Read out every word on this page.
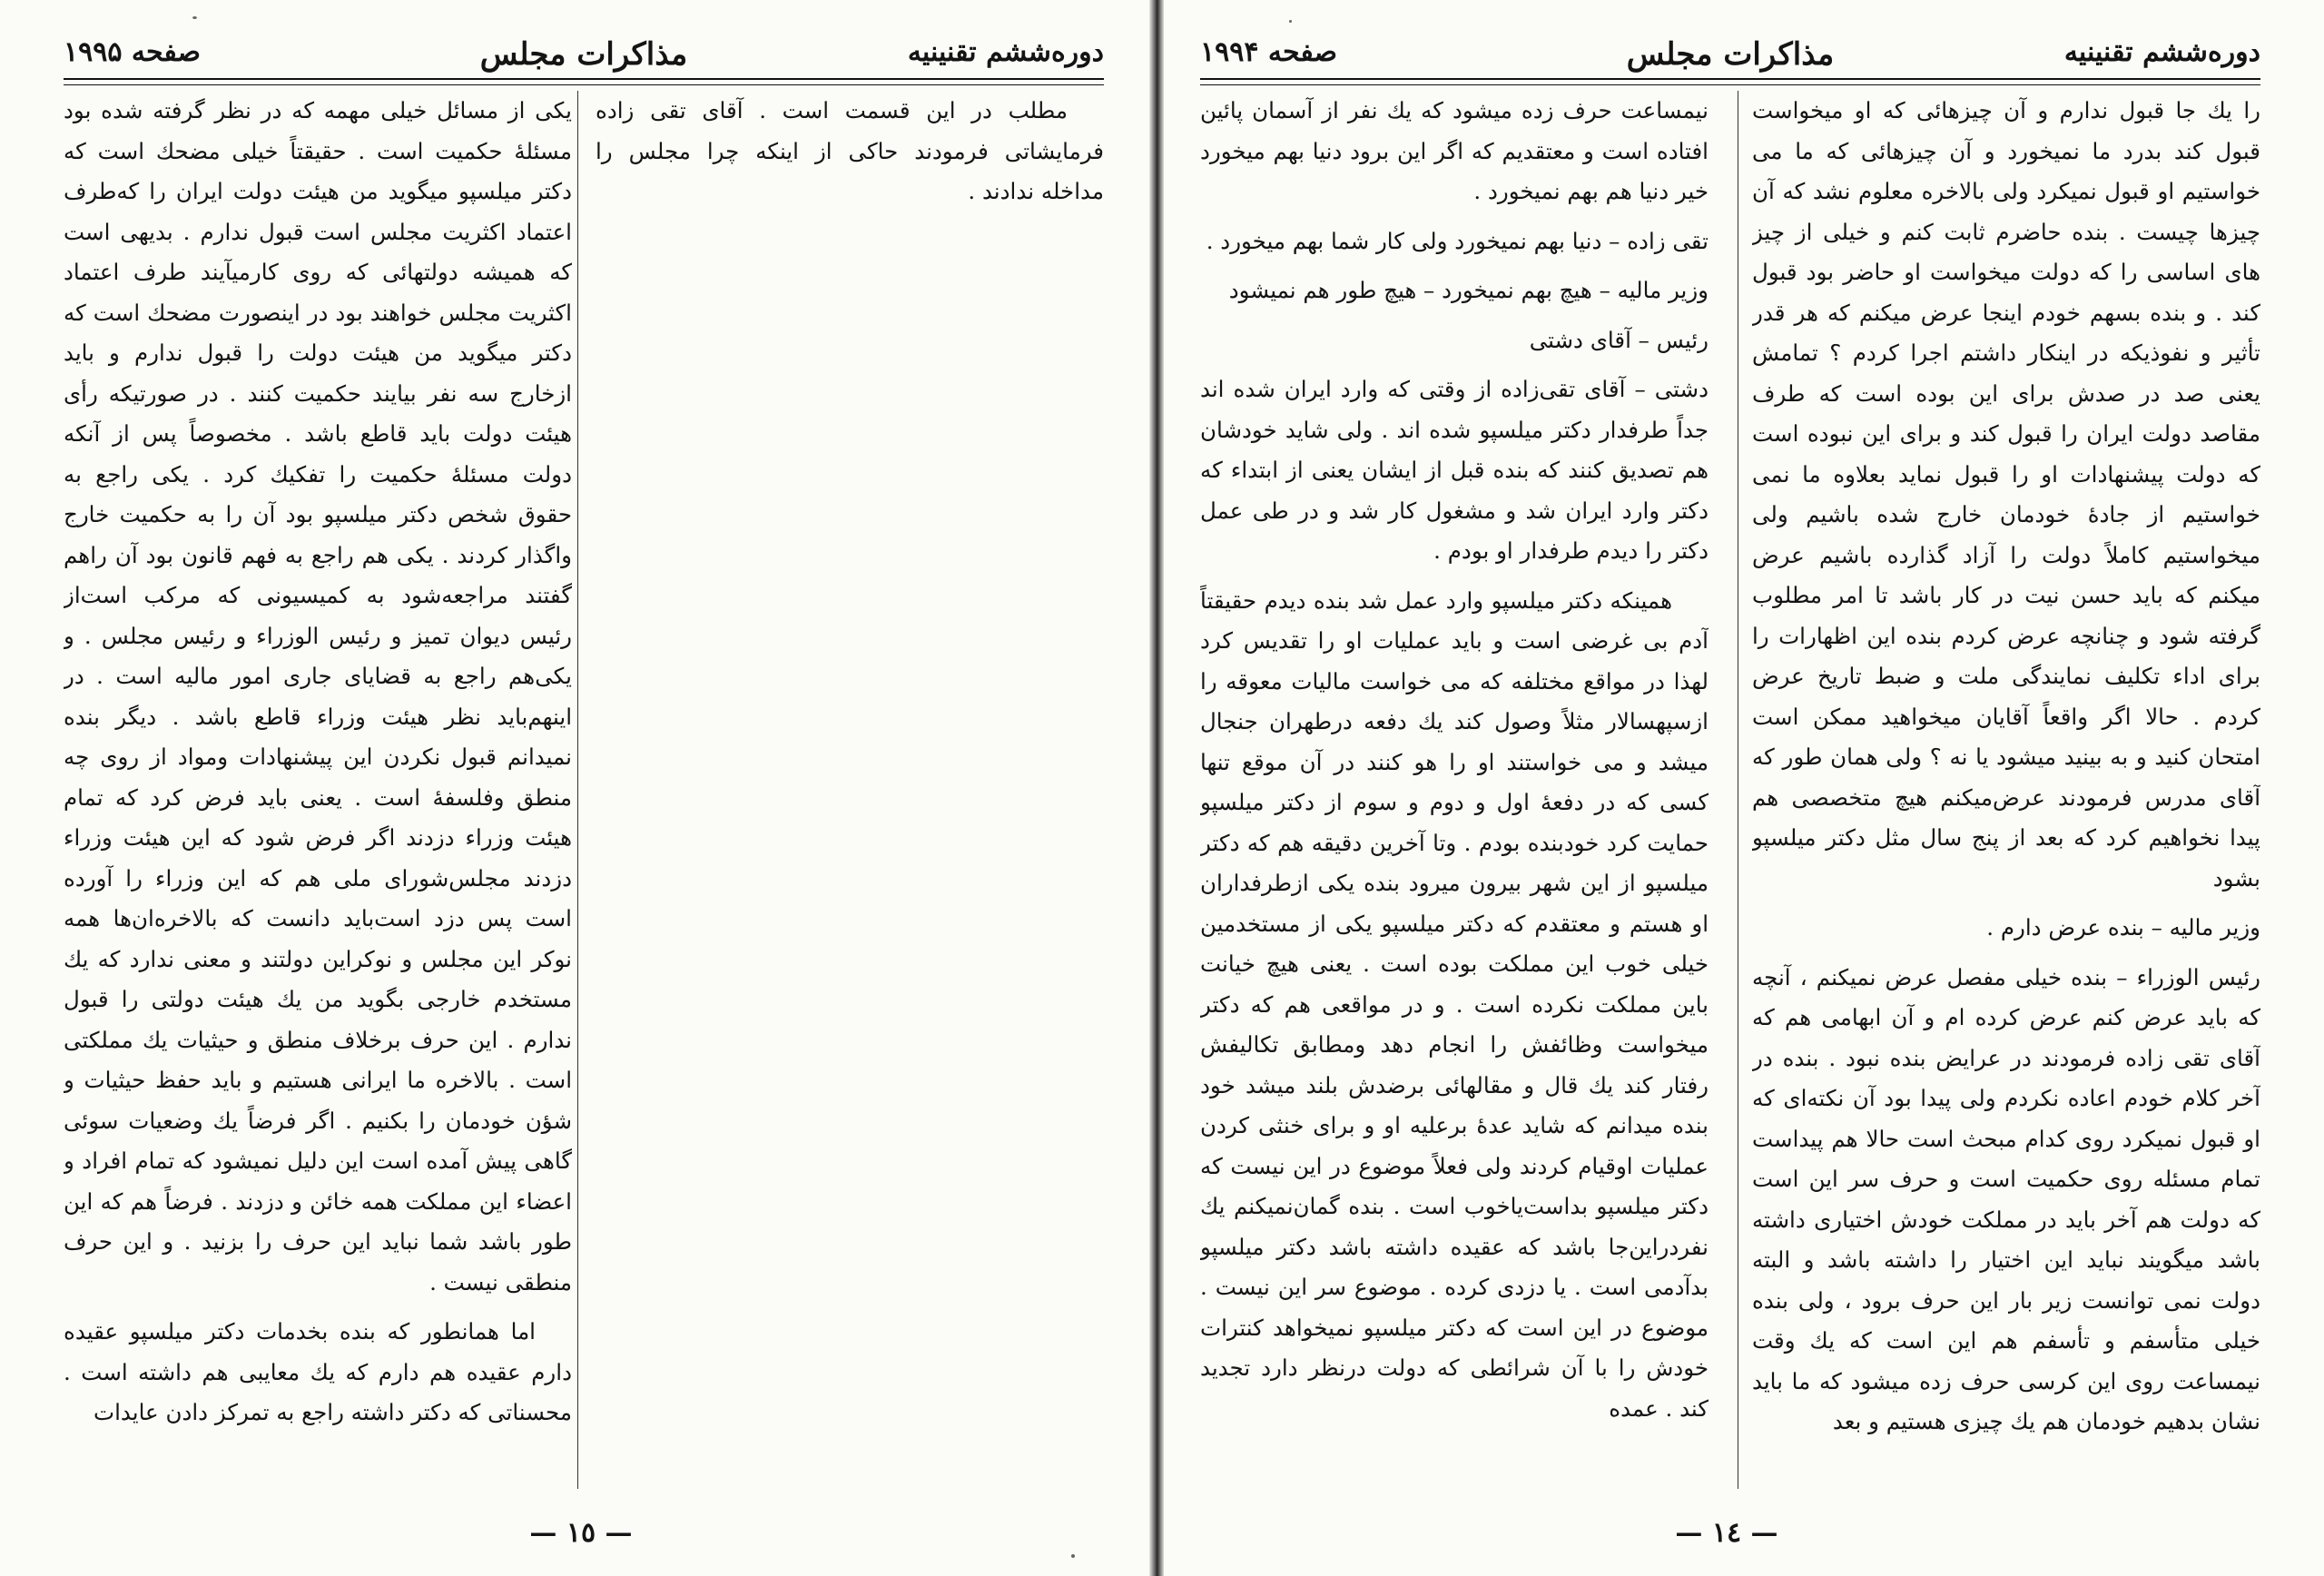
دوره‌ششم تقنینیه
مذاکرات مجلس
صفحه ۱۹۹۵

مطلب در این قسمت است . آقای تقی زاده فرمایشاتی فرمودند حاکی از اینکه چرا مجلس را مداخله ندادند .

یکی از مسائل خیلی مهمه که در نظر گرفته شده بود مسئلهٔ حکمیت است . حقیقتاً خیلی مضحك است که دکتر میلسپو میگوید من هیئت دولت ایران را که‌طرف اعتماد اکثریت مجلس است قبول ندارم . بدیهی است که همیشه دولتهائی که روی کارمیآیند طرف اعتماد اکثریت مجلس خواهند بود در اینصورت مضحك است که دکتر میگوید من هیئت دولت را قبول ندارم و باید ازخارج سه نفر بیایند حکمیت کنند . در صورتیکه رأی هیئت دولت باید قاطع باشد . مخصوصاً پس از آنکه دولت مسئلهٔ حکمیت را تفکیك کرد . یکی راجع به حقوق شخص دکتر میلسپو بود آن را به حکمیت خارج واگذار کردند . یکی هم راجع به فهم قانون بود آن راهم گفتند مراجعه‌شود به کمیسیونی که مرکب است‌از رئیس دیوان تمیز و رئیس الوزراء و رئیس مجلس . و یکی‌هم راجع به قضایای جاری امور مالیه است . در اینهم‌باید نظر هیئت وزراء قاطع باشد . دیگر بنده نمیدانم قبول نکردن این پیشنهادات ومواد از روی چه منطق وفلسفهٔ است . یعنی باید فرض کرد که تمام هیئت وزراء دزدند اگر فرض شود که این هیئت وزراء دزدند مجلس‌شورای ملی هم که این وزراء را آورده است پس دزد است‌باید دانست که بالاخره‌ان‌ها همه نوکر این مجلس و نوکراین دولتند و معنی ندارد که یك مستخدم خارجی بگوید من یك هیئت دولتی را قبول ندارم . این حرف برخلاف منطق و حیثیات یك مملکتی است . بالاخره ما ایرانی هستیم و باید حفظ حیثیات و شؤن خودمان را بکنیم . اگر فرضاً یك وضعیات سوئی گاهی پیش آمده است این دلیل نمیشود که تمام افراد و اعضاء این مملکت همه خائن و دزدند . فرضاً هم که این طور باشد شما نباید این حرف را بزنید . و این حرف منطقی نیست .

اما همانطور که بنده بخدمات دکتر میلسپو عقیده دارم عقیده هم دارم که یك معایبی هم داشته است . محسناتی که دکتر داشته راجع به تمرکز دادن عایدات

— ١٥ —
دوره‌ششم تقنینیه
مذاکرات مجلس
صفحه ۱۹۹۴

را یك جا قبول ندارم و آن چیزهائی که او میخواست قبول کند بدرد ما نمیخورد و آن چیزهائی که ما می خواستیم او قبول نمیکرد ولی بالاخره معلوم نشد که آن چیزها چیست . بنده حاضرم ثابت کنم و خیلی از چیز های اساسی را که دولت میخواست او حاضر بود قبول کند . و بنده بسهم خودم اینجا عرض میکنم که هر قدر تأثیر و نفوذیکه در اینکار داشتم اجرا کردم ؟ تمامش یعنی صد در صدش برای این بوده است که طرف مقاصد دولت ایران را قبول کند و برای این نبوده است که دولت پیشنهادات او را قبول نماید بعلاوه ما نمی خواستیم از جادهٔ خودمان خارج شده باشیم ولی میخواستیم کاملاً دولت را آزاد گذارده باشیم عرض میکنم که باید حسن نیت در کار باشد تا امر مطلوب گرفته شود و چنانچه عرض کردم بنده این اظهارات را برای اداء تکلیف نمایندگی ملت و ضبط تاریخ عرض کردم . حالا اگر واقعاً آقایان میخواهید ممکن است امتحان کنید و به بینید میشود یا نه ؟ ولی همان طور که آقای مدرس فرمودند عرض‌میکنم هیچ متخصصی هم پیدا نخواهیم کرد که بعد از پنج سال مثل دکتر میلسپو بشود

وزیر مالیه – بنده عرض دارم .

رئیس الوزراء – بنده خیلی مفصل عرض نمیکنم ، آنچه که باید عرض کنم عرض کرده ام و آن ابهامی هم که آقای تقی زاده فرمودند در عرایض بنده نبود . بنده در آخر کلام خودم اعاده نکردم ولی پیدا بود آن نکته‌ای که او قبول نمیکرد روی کدام مبحث است حالا هم پیداست تمام مسئله روی حکمیت است و حرف سر این است که دولت هم آخر باید در مملکت خودش اختیاری داشته باشد میگویند نباید این اختیار را داشته باشد و البته دولت نمی توانست زیر بار این حرف برود ، ولی بنده خیلی متأسفم و تأسفم هم این است که یك وقت نیمساعت روی این کرسی حرف زده میشود که ما باید نشان بدهیم خودمان هم یك چیزی هستیم و بعد

نیمساعت حرف زده میشود که یك نفر از آسمان پائین افتاده است و معتقدیم که اگر این برود دنیا بهم میخورد خیر دنیا هم بهم نمیخورد .

تقی زاده – دنیا بهم نمیخورد ولی کار شما بهم میخورد .

وزیر مالیه – هیچ بهم نمیخورد – هیچ طور هم نمیشود

رئیس – آقای دشتی

دشتی – آقای تقی‌زاده از وقتی که وارد ایران شده اند جداً طرفدار دکتر میلسپو شده اند . ولی شاید خودشان هم تصدیق کنند که بنده قبل از ایشان یعنی از ابتداء که دکتر وارد ایران شد و مشغول کار شد و در طی عمل دکتر را دیدم طرفدار او بودم .

همینکه دکتر میلسپو وارد عمل شد بنده دیدم حقیقتاً آدم بی غرضی است و باید عملیات او را تقدیس کرد لهذا در مواقع مختلفه که می خواست مالیات معوقه را ازسپهسالار مثلاً وصول کند یك دفعه درطهران جنجال میشد و می خواستند او را هو کنند در آن موقع تنها کسی که در دفعهٔ اول و دوم و سوم از دکتر میلسپو حمایت کرد خودبنده بودم . وتا آخرین دقیقه هم که دکتر میلسپو از این شهر بیرون میرود بنده یکی ازطرفداران او هستم و معتقدم که دکتر میلسپو یکی از مستخدمین خیلی خوب این مملکت بوده است . یعنی هیچ خیانت باین مملکت نکرده است . و در مواقعی هم که دکتر میخواست وظائفش را انجام دهد ومطابق تکالیفش رفتار کند یك قال و مقالهائی برضدش بلند میشد خود بنده میدانم که شاید عدهٔ برعلیه او و برای خنثی کردن عملیات اوقیام کردند ولی فعلاً موضوع در این نیست که دکتر میلسپو بداست‌یاخوب است . بنده گمان‌نمیکنم یك نفردراین‌جا باشد که عقیده داشته باشد دکتر میلسپو بدآدمی است . یا دزدی کرده . موضوع سر این نیست . موضوع در این است که دکتر میلسپو نمیخواهد کنترات خودش را با آن شرائطی که دولت درنظر دارد تجدید کند . عمده

— ١٤ —
